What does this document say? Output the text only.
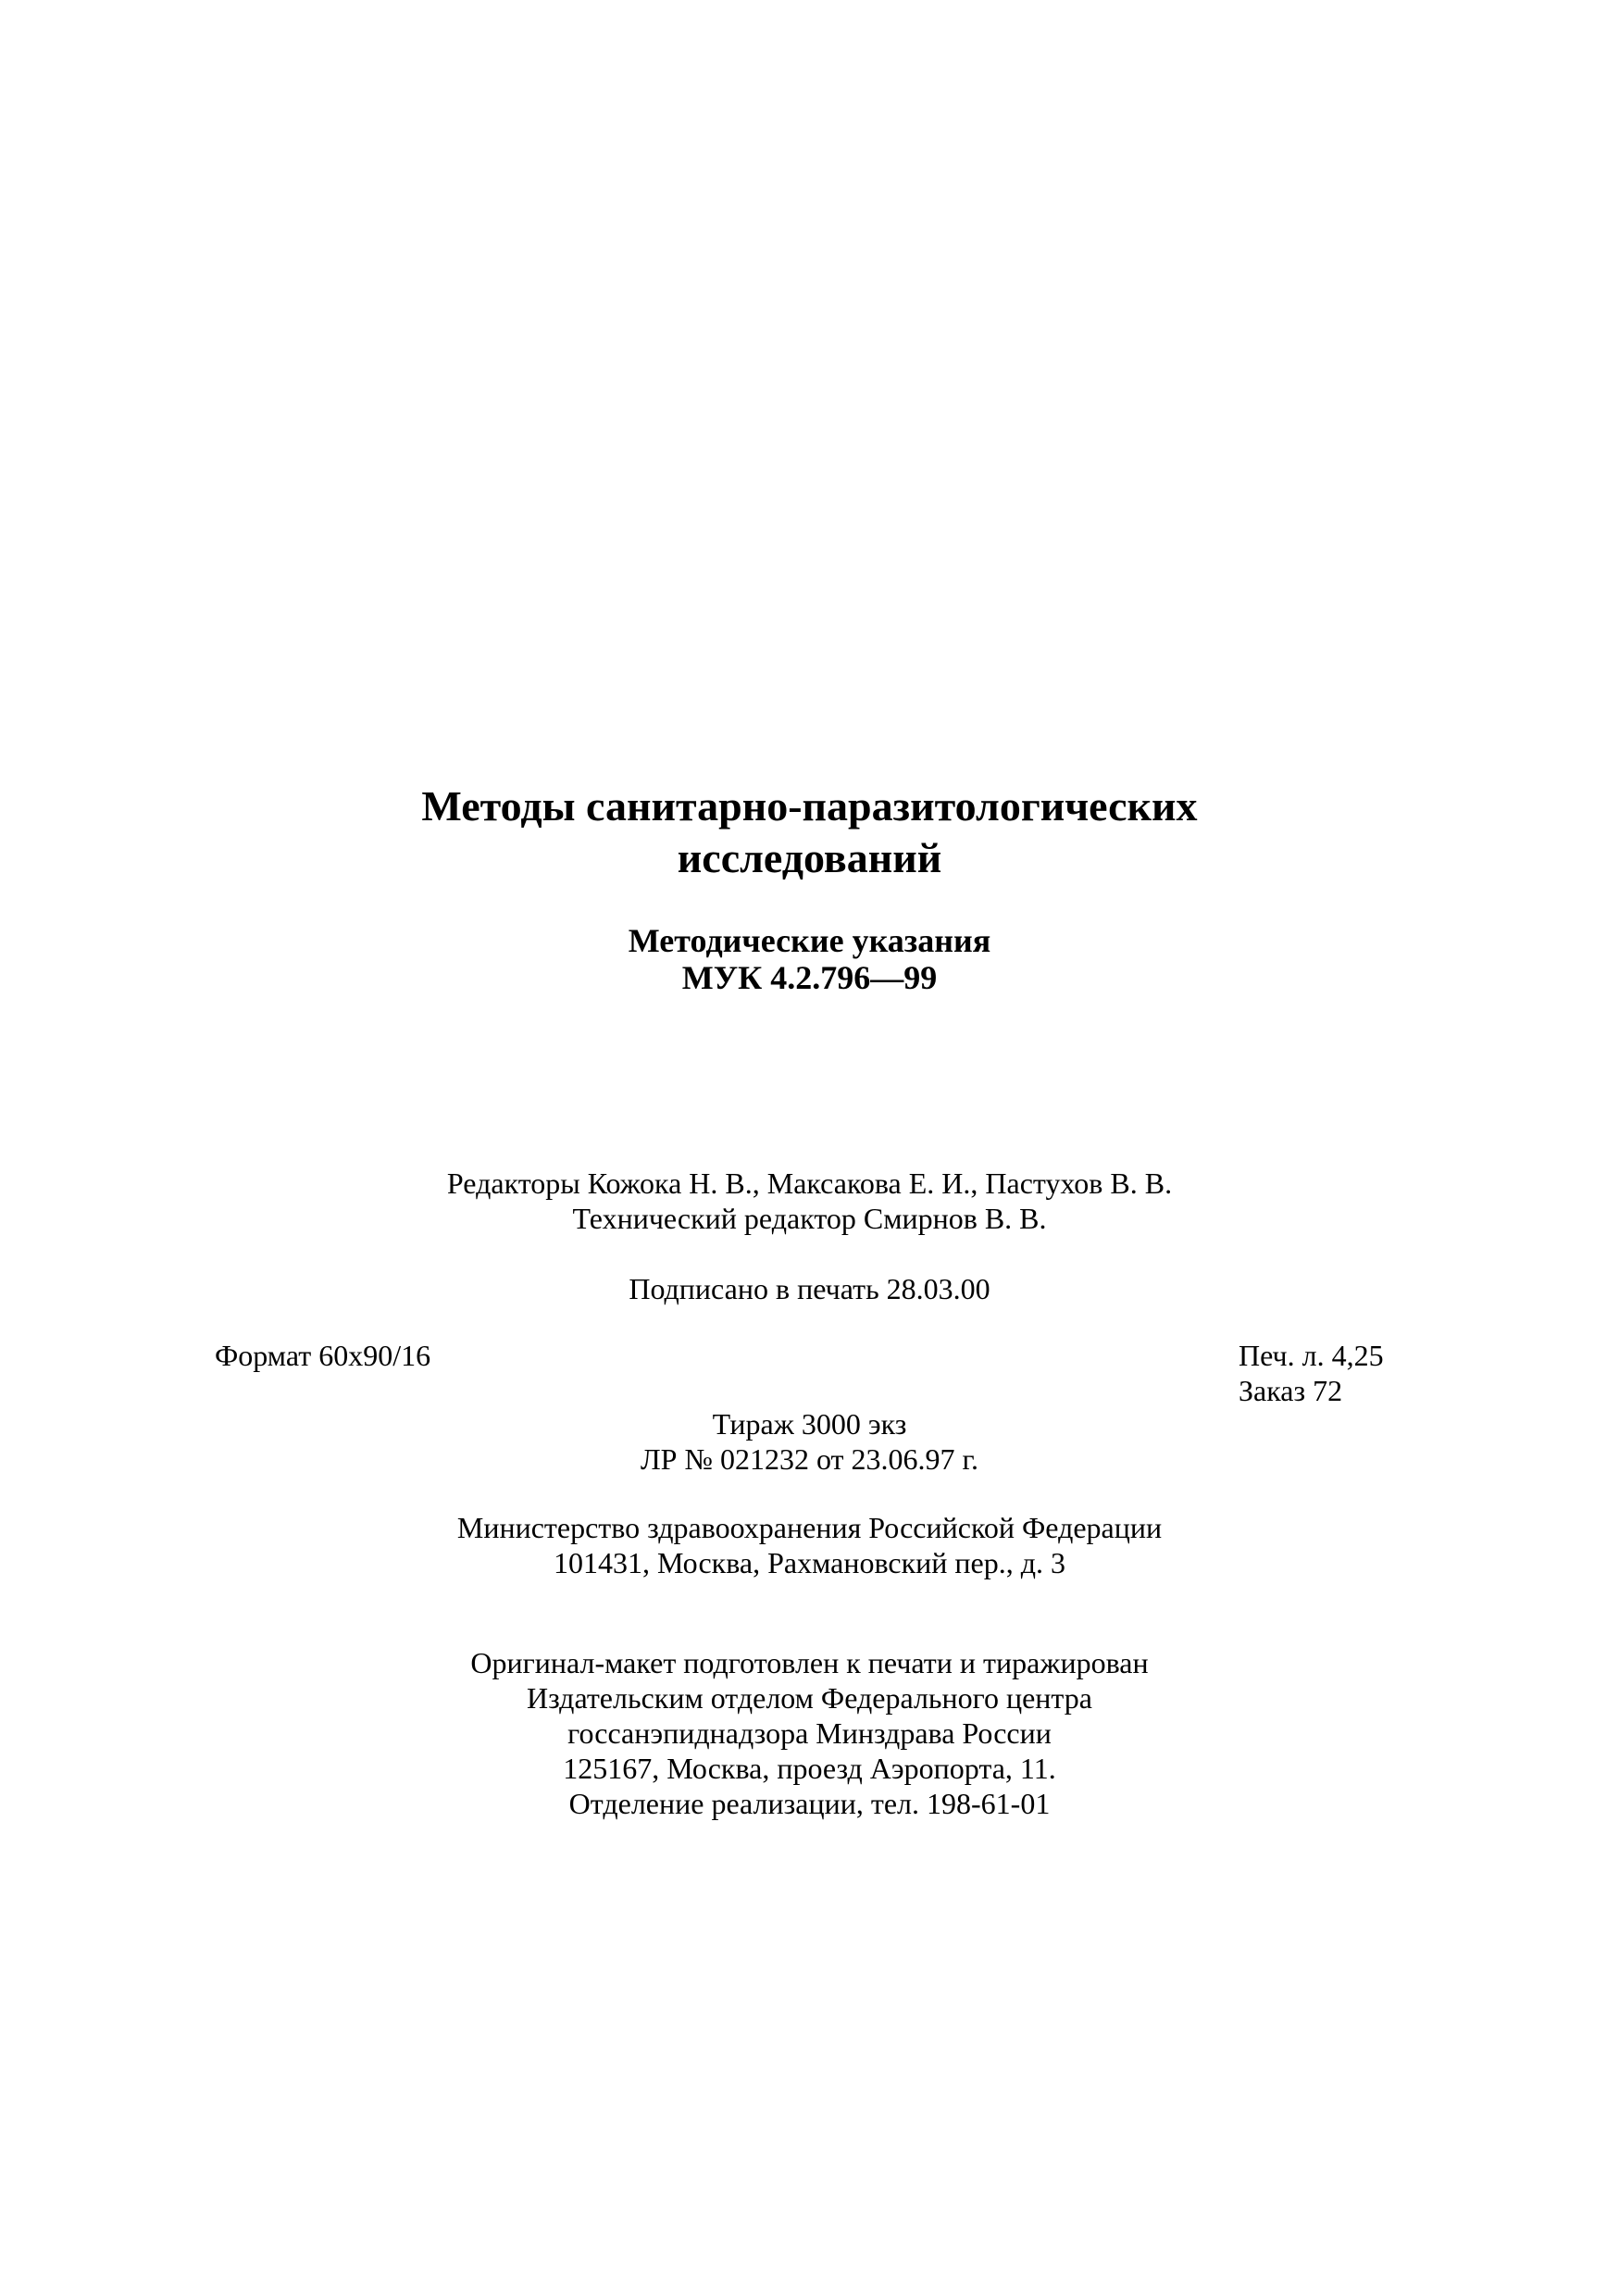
Методы санитарно-паразитологических
исследований
Методические указания
МУК 4.2.796—99
Редакторы Кожока Н. В., Максакова Е. И., Пастухов В. В.
Технический редактор Смирнов В. В.
Подписано в печать 28.03.00
Формат 60x90/16	Печ. л. 4,25
Заказ 72
Тираж 3000 экз
ЛР № 021232 от 23.06.97 г.
Министерство здравоохранения Российской Федерации
101431, Москва, Рахмановский пер., д. 3
Оригинал-макет подготовлен к печати и тиражирован
Издательским отделом Федерального центра
госсанэпиднадзора Минздрава России
125167, Москва, проезд Аэропорта, 11.
Отделение реализации, тел. 198-61-01
